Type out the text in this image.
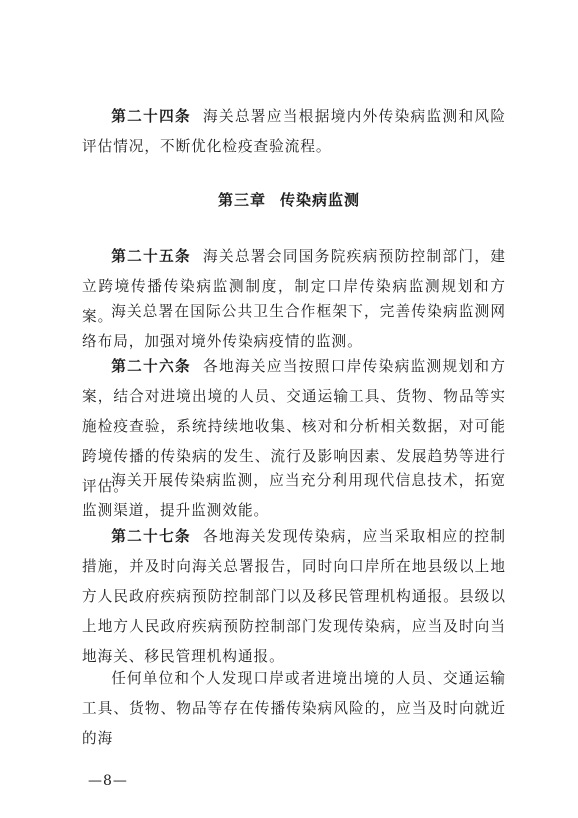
第二十四条 海关总署应当根据境内外传染病监测和风险评估情况，不断优化检疫查验流程。

第三章 传染病监测

第二十五条 海关总署会同国务院疾病预防控制部门，建立跨境传播传染病监测制度，制定口岸传染病监测规划和方案。

海关总署在国际公共卫生合作框架下，完善传染病监测网络布局，加强对境外传染病疫情的监测。

第二十六条 各地海关应当按照口岸传染病监测规划和方案，结合对进境出境的人员、交通运输工具、货物、物品等实施检疫查验，系统持续地收集、核对和分析相关数据，对可能跨境传播的传染病的发生、流行及影响因素、发展趋势等进行评估。

海关开展传染病监测，应当充分利用现代信息技术，拓宽监测渠道，提升监测效能。

第二十七条 各地海关发现传染病，应当采取相应的控制措施，并及时向海关总署报告，同时向口岸所在地县级以上地方人民政府疾病预防控制部门以及移民管理机构通报。县级以上地方人民政府疾病预防控制部门发现传染病，应当及时向当地海关、移民管理机构通报。

任何单位和个人发现口岸或者进境出境的人员、交通运输工具、货物、物品等存在传播传染病风险的，应当及时向就近的海

—8—
